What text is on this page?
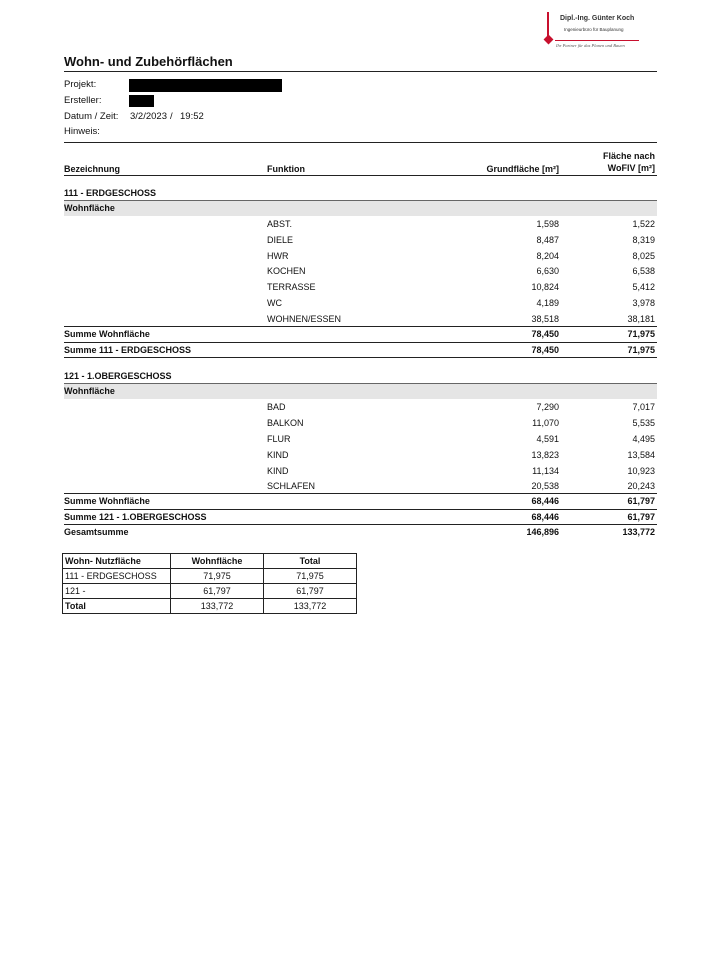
Dipl.-Ing. Günter Koch
Ingenieurbüro für Bauplanung
Ihr Partner für das Planen und Bauen
Wohn- und Zubehörflächen
Projekt:
Ersteller:
Datum / Zeit: 3/2/2023 / 19:52
Hinweis:
Bezeichnung	Funktion	Grundfläche [m²]
Fläche nach
WoFlV [m²]
111 - ERDGESCHOSS
Wohnfläche
ABST.	1,598	1,522
DIELE	8,487	8,319
HWR	8,204	8,025
KOCHEN	6,630	6,538
TERRASSE	10,824	5,412
WC	4,189	3,978
WOHNEN/ESSEN	38,518	38,181
Summe Wohnfläche	78,450	71,975
Summe 111 - ERDGESCHOSS	78,450	71,975
121 - 1.OBERGESCHOSS
Wohnfläche
BAD	7,290	7,017
BALKON	11,070	5,535
FLUR	4,591	4,495
KIND	13,823	13,584
KIND	11,134	10,923
SCHLAFEN	20,538	20,243
Summe Wohnfläche	68,446	61,797
Summe 121 - 1.OBERGESCHOSS	68,446	61,797
Gesamtsumme	146,896	133,772
Wohn- Nutzfläche	Wohnfläche	Total
111 - ERDGESCHOSS	71,975	71,975

121 -	61,797	61,797
Total	133,772	133,772
